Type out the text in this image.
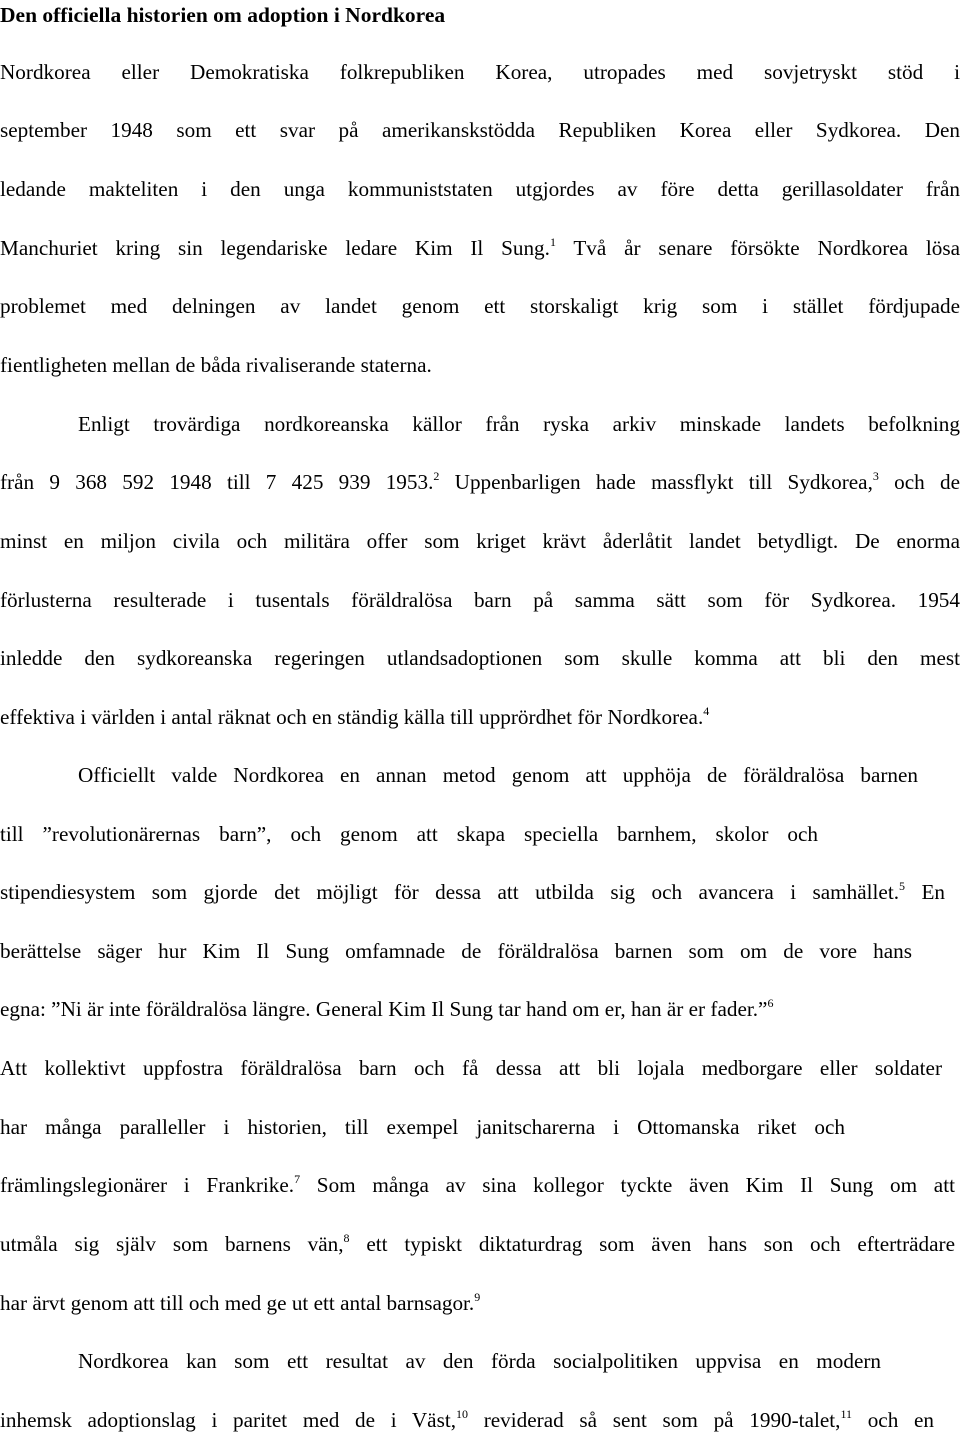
Den officiella historien om adoption i Nordkorea
Nordkorea eller Demokratiska folkrepubliken Korea, utropades med sovjetryskt stöd i
september 1948 som ett svar på amerikanskstödda Republiken Korea eller Sydkorea. Den
ledande makteliten i den unga kommuniststaten utgjordes av före detta gerillasoldater från
Manchuriet kring sin legendariske ledare Kim Il Sung.$^1$ Två år senare försökte Nordkorea lösa
problemet med delningen av landet genom ett storskaligt krig som i stället fördjupade
fientligheten mellan de båda rivaliserande staterna.
Enligt trovärdiga nordkoreanska källor från ryska arkiv minskade landets befolkning
från 9 368 592 1948 till 7 425 939 1953.$^2$ Uppenbarligen hade massflykt till Sydkorea,$^3$ och de
minst en miljon civila och militära offer som kriget krävt åderlåtit landet betydligt. De enorma
förlusterna resulterade i tusentals föräldralösa barn på samma sätt som för Sydkorea. 1954
inledde den sydkoreanska regeringen utlandsadoptionen som skulle komma att bli den mest
effektiva i världen i antal räknat och en ständig källa till upprördhet för Nordkorea.$^4$
Officiellt valde Nordkorea en annan metod genom att upphöja de föräldralösa barnen
till ”revolutionärernas barn”, och genom att skapa speciella barnhem, skolor och
stipendiesystem som gjorde det möjligt för dessa att utbilda sig och avancera i samhället.$^5$ En
berättelse säger hur Kim Il Sung omfamnade de föräldralösa barnen som om de vore hans
egna: ”Ni är inte föräldralösa längre. General Kim Il Sung tar hand om er, han är er fader.”$^6$
Att kollektivt uppfostra föräldralösa barn och få dessa att bli lojala medborgare eller soldater
har många paralleller i historien, till exempel janitscharerna i Ottomanska riket och
främlingslegionärer i Frankrike.$^7$ Som många av sina kollegor tyckte även Kim Il Sung om att
utmåla sig själv som barnens vän,$^8$ ett typiskt diktaturdrag som även hans son och efterträdare
har ärvt genom att till och med ge ut ett antal barnsagor.$^9$
Nordkorea kan som ett resultat av den förda socialpolitiken uppvisa en modern
inhemsk adoptionslag i paritet med de i Väst,$^{10}$ reviderad så sent som på 1990-talet,$^{11}$ och en
